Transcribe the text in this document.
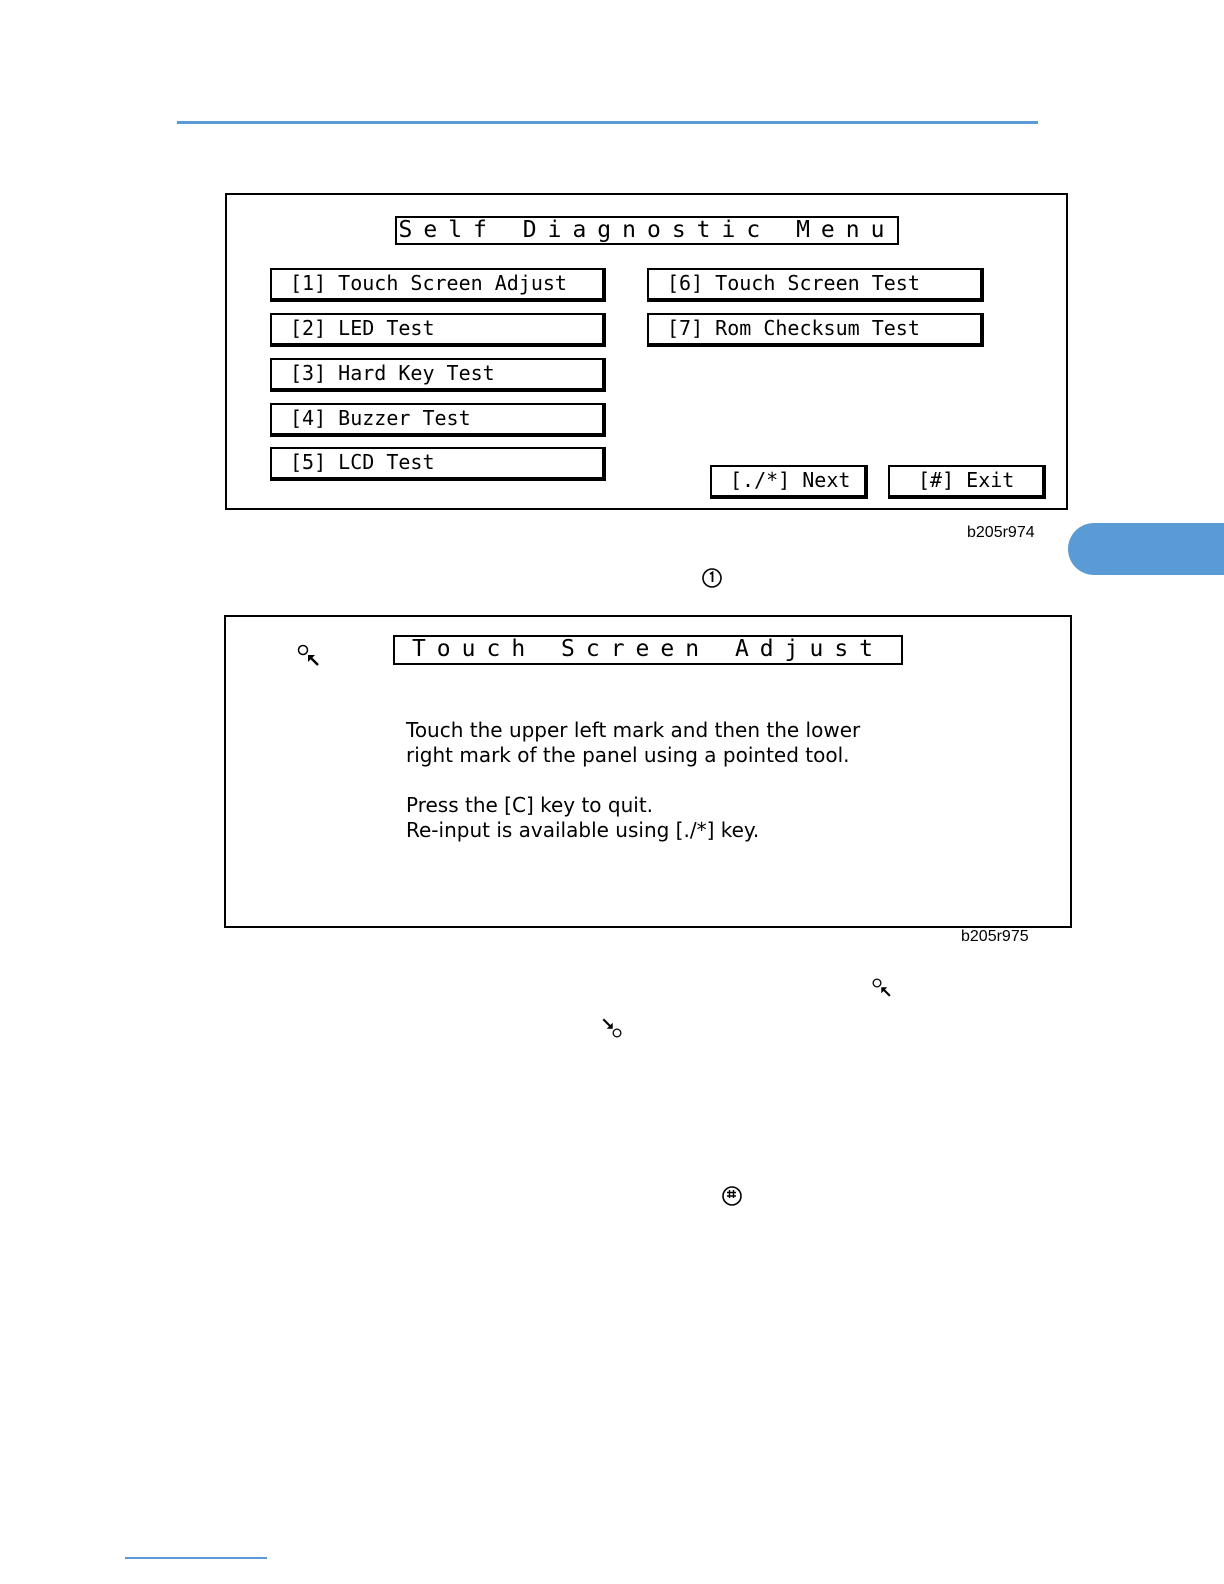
Self Diagnostic Menu
[1] Touch Screen Adjust
[2] LED Test
[3] Hard Key Test
[4] Buzzer Test
[5] LCD Test
[6] Touch Screen Test
[7] Rom Checksum Test
[./*] Next	[#] Exit
b205r974
Touch Screen Adjust

Touch the upper left mark and then the lower

right mark of the panel using a pointed tool.

Press the [C] key to quit.

Re-input is available using [./*] key.

b205r975
